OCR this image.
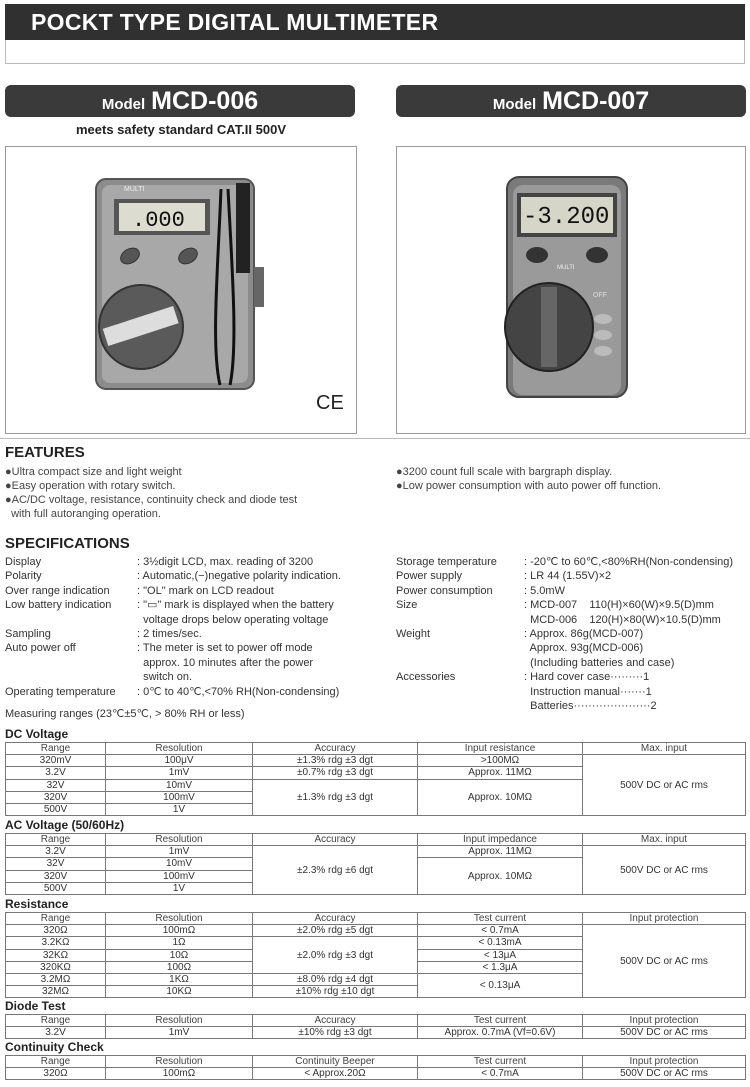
POCKT TYPE DIGITAL MULTIMETER
Model MCD-006	Model MCD-007
meets safety standard CAT.II 500V
MULTI
.000
CE
-3.200
MULTI
OFF
FEATURES
●Ultra compact size and light weight
●Easy operation with rotary switch.
●AC/DC voltage, resistance, continuity check and diode test
with full autoranging operation.
●3200 count full scale with bargraph display.
●Low power consumption with auto power off function.
SPECIFICATIONS
Display	: 3½digit LCD, max. reading of 3200
Polarity	: Automatic,(−)negative polarity indication.
Over range indication : "OL" mark on LCD readout
Low battery indication : "▭" mark is displayed when the battery
voltage drops below operating voltage
Sampling	: 2 times/sec.
Auto power off	: The meter is set to power off mode
approx. 10 minutes after the power
switch on.
Operating temperature : 0℃ to 40℃,<70% RH(Non-condensing)
Measuring ranges (23℃±5℃, > 80% RH or less)
Storage temperature : -20℃ to 60℃,<80%RH(Non-condensing)
Power supply	: LR 44 (1.55V)×2
Power consumption	: 5.0mW
Size	: MCD-007    110(H)×60(W)×9.5(D)mm
MCD-006    120(H)×80(W)×10.5(D)mm
Weight	: Approx. 86g(MCD-007)
Approx. 93g(MCD-006)
(Including batteries and case)
Accessories	: Hard cover case·········1
Instruction manual·······1
Batteries·····················2
DC Voltage
Range	Resolution	Accuracy	Input resistance	Max. input
320mV	100μV	±1.3% rdg ±3 dgt	>100MΩ	500V DC or AC rms
3.2V	1mV	±0.7% rdg ±3 dgt	Approx. 11MΩ	
32V	10mV	±1.3% rdg ±3 dgt	Approx. 10MΩ	
320V	100mV			
500V	1V			
AC Voltage (50/60Hz)
Range	Resolution	Accuracy	Input impedance	Max. input
3.2V	1mV	±2.3% rdg ±6 dgt	Approx. 11MΩ	500V DC or AC rms
32V	10mV		Approx. 10MΩ	
320V	100mV			
500V	1V			
Resistance
Range	Resolution	Accuracy	Test current	Input protection
320Ω	100mΩ	±2.0% rdg ±5 dgt	< 0.7mA	500V DC or AC rms
3.2KΩ	1Ω	±2.0% rdg ±3 dgt	< 0.13mA	
32KΩ	10Ω		< 13μA	
320KΩ	100Ω		< 1.3μA	
3.2MΩ	1KΩ	±8.0% rdg ±4 dgt	< 0.13μA	
32MΩ	10KΩ	±10% rdg ±10 dgt		
Diode Test
Range	Resolution	Accuracy	Test current	Input protection
3.2V	1mV	±10% rdg ±3 dgt	Approx. 0.7mA (Vf=0.6V)	500V DC or AC rms
Continuity Check
Range	Resolution	Continuity Beeper	Test current	Input protection
320Ω	100mΩ	< Approx.20Ω	< 0.7mA	500V DC or AC rms
